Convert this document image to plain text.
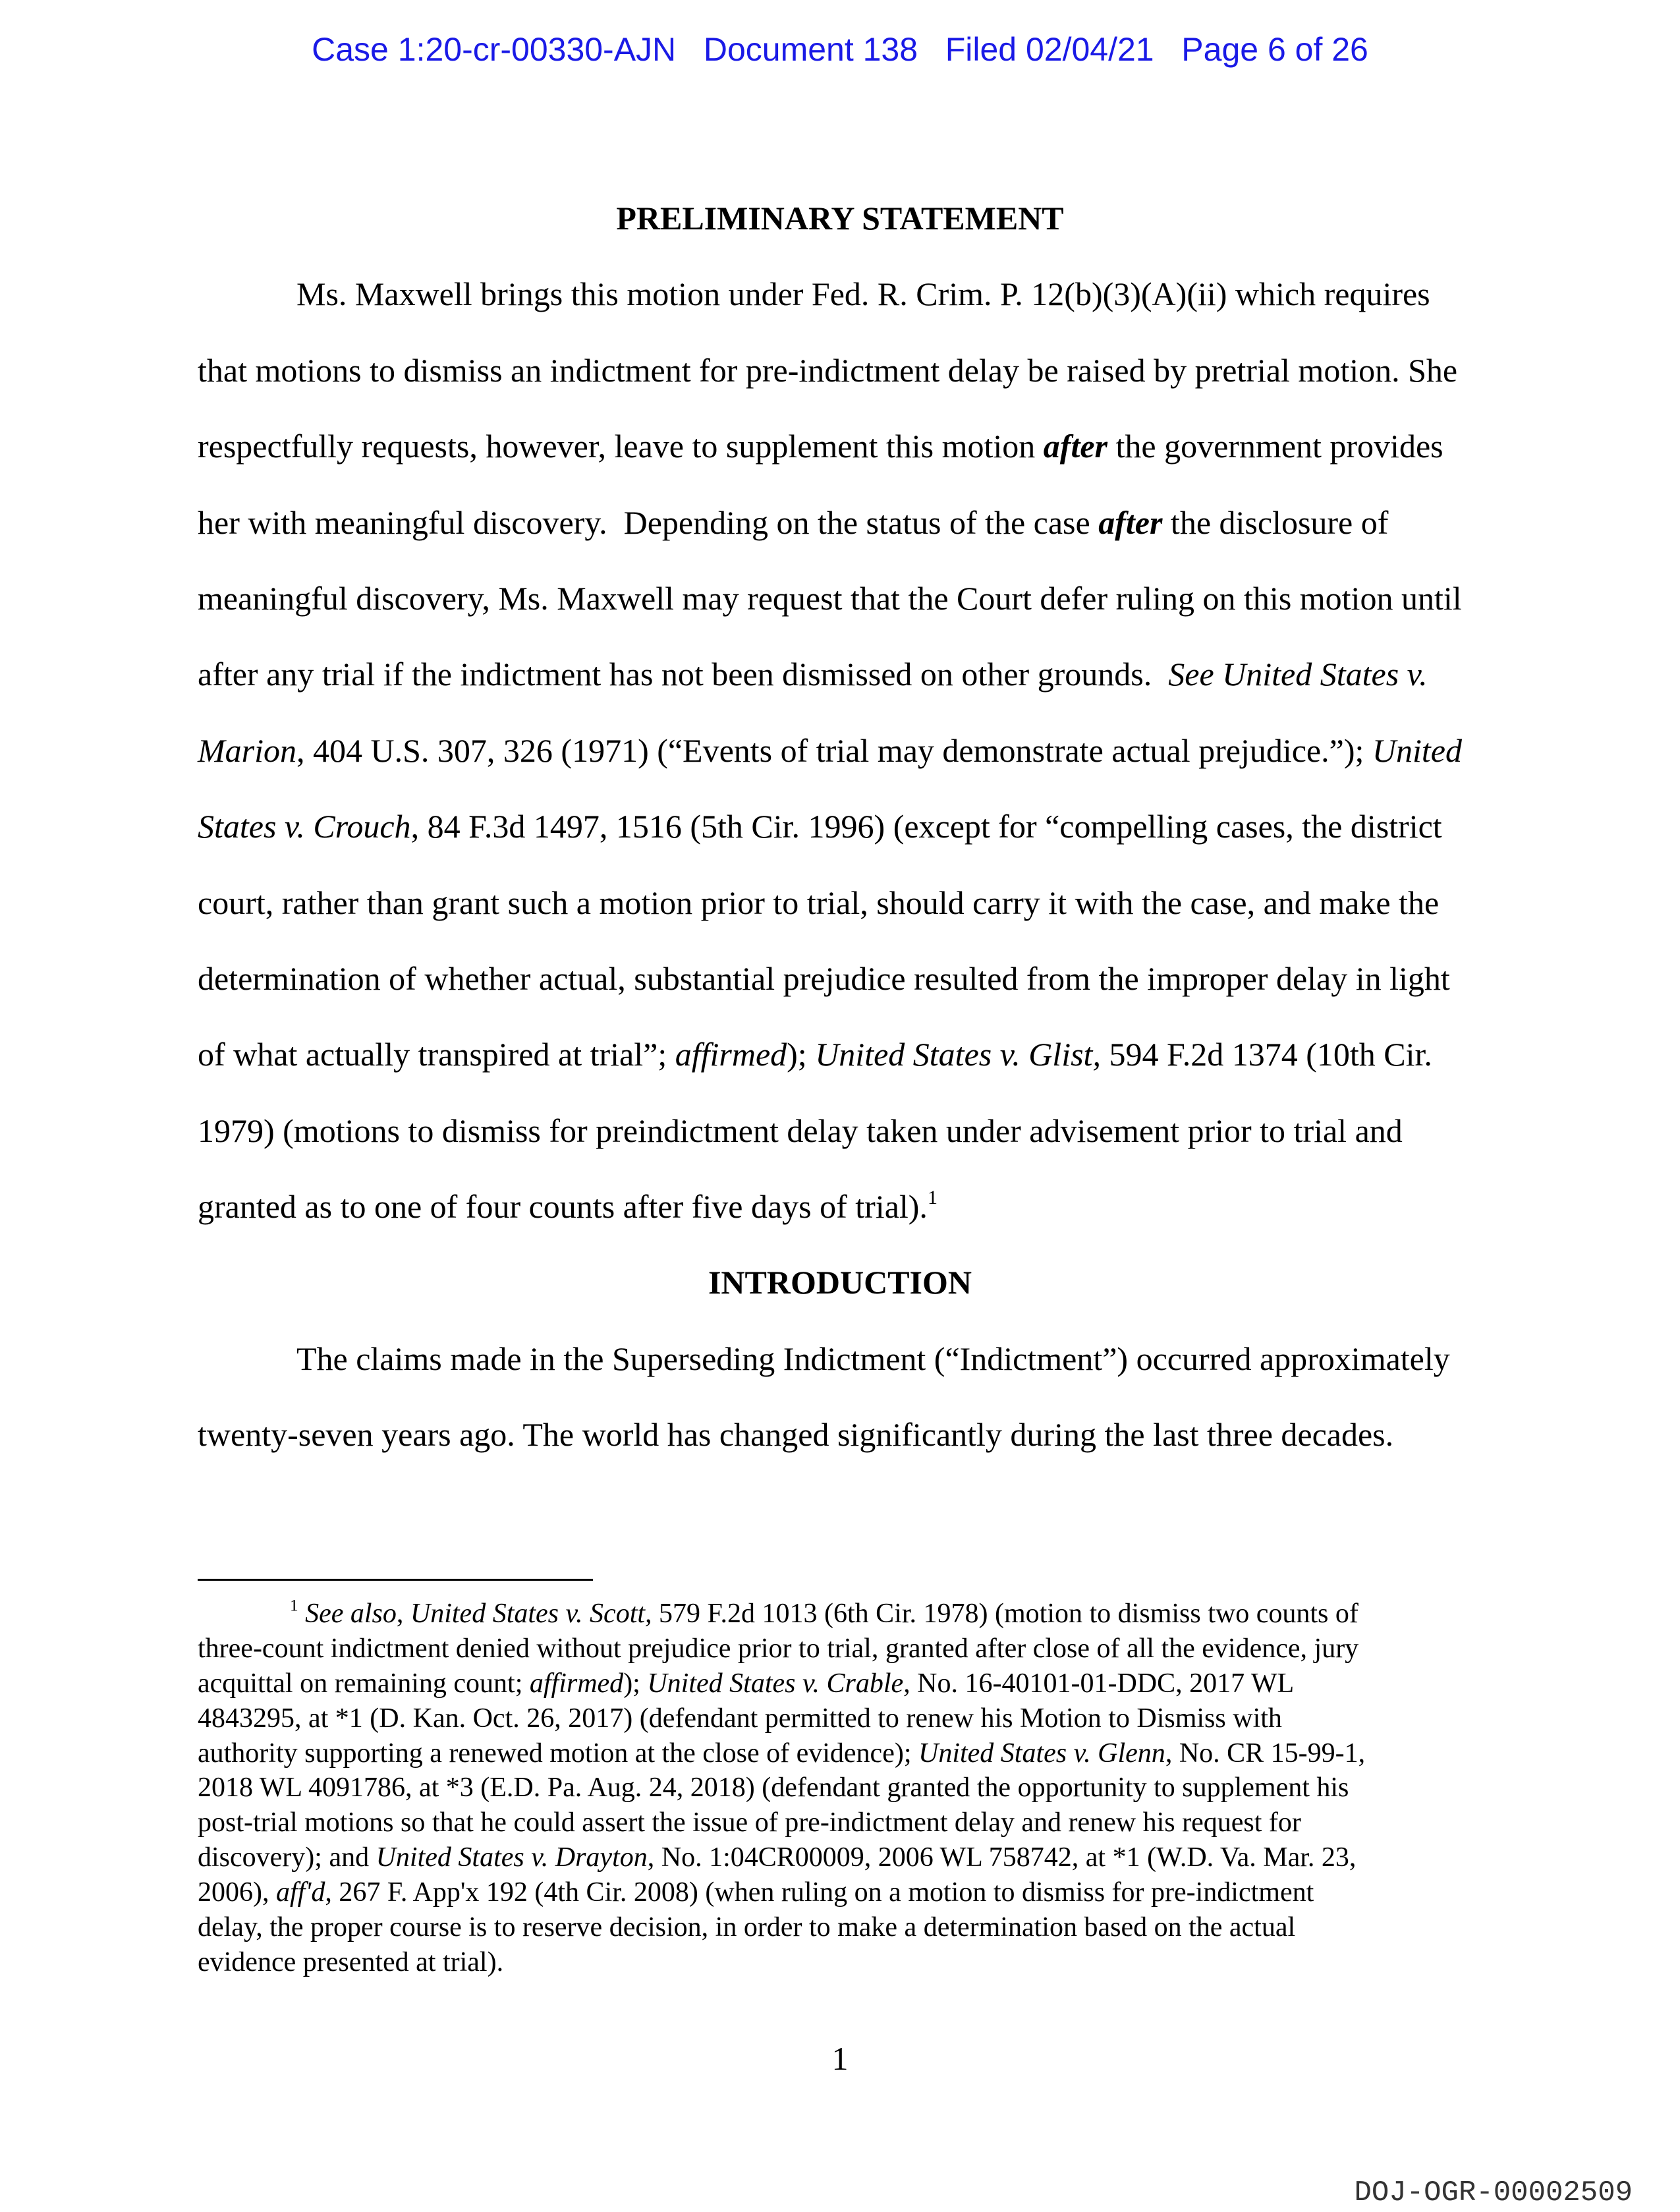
Case 1:20-cr-00330-AJN   Document 138   Filed 02/04/21   Page 6 of 26
PRELIMINARY STATEMENT
Ms. Maxwell brings this motion under Fed. R. Crim. P. 12(b)(3)(A)(ii) which requires
that motions to dismiss an indictment for pre-indictment delay be raised by pretrial motion. She
respectfully requests, however, leave to supplement this motion after the government provides
her with meaningful discovery.  Depending on the status of the case after the disclosure of
meaningful discovery, Ms. Maxwell may request that the Court defer ruling on this motion until
after any trial if the indictment has not been dismissed on other grounds.  See United States v.
Marion, 404 U.S. 307, 326 (1971) (“Events of trial may demonstrate actual prejudice.”); United
States v. Crouch, 84 F.3d 1497, 1516 (5th Cir. 1996) (except for “compelling cases, the district
court, rather than grant such a motion prior to trial, should carry it with the case, and make the
determination of whether actual, substantial prejudice resulted from the improper delay in light
of what actually transpired at trial”; affirmed); United States v. Glist, 594 F.2d 1374 (10th Cir.
1979) (motions to dismiss for preindictment delay taken under advisement prior to trial and
granted as to one of four counts after five days of trial).$^1$
INTRODUCTION
The claims made in the Superseding Indictment (“Indictment”) occurred approximately
twenty-seven years ago. The world has changed significantly during the last three decades.
$^1$ See also, United States v. Scott, 579 F.2d 1013 (6th Cir. 1978) (motion to dismiss two counts of
three-count indictment denied without prejudice prior to trial, granted after close of all the evidence, jury
acquittal on remaining count; affirmed); United States v. Crable, No. 16-40101-01-DDC, 2017 WL
4843295, at *1 (D. Kan. Oct. 26, 2017) (defendant permitted to renew his Motion to Dismiss with
authority supporting a renewed motion at the close of evidence); United States v. Glenn, No. CR 15-99-1,
2018 WL 4091786, at *3 (E.D. Pa. Aug. 24, 2018) (defendant granted the opportunity to supplement his
post-trial motions so that he could assert the issue of pre-indictment delay and renew his request for
discovery); and United States v. Drayton, No. 1:04CR00009, 2006 WL 758742, at *1 (W.D. Va. Mar. 23,
2006), aff'd, 267 F. App'x 192 (4th Cir. 2008) (when ruling on a motion to dismiss for pre-indictment
delay, the proper course is to reserve decision, in order to make a determination based on the actual
evidence presented at trial).
1
DOJ-OGR-00002509
